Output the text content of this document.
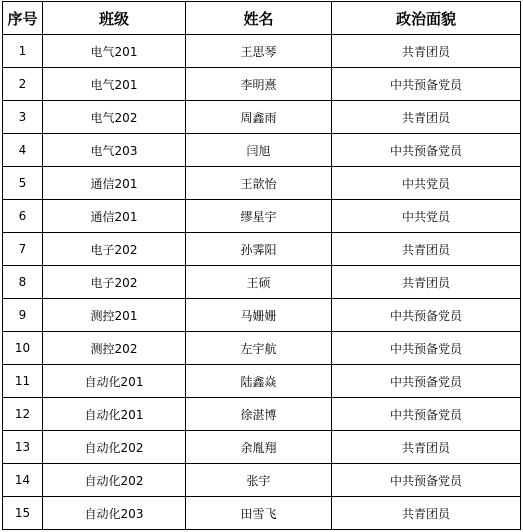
序号	班级	姓名	政治面貌
1	电气201	王思琴	共青团员
2	电气201	李明熹	中共预备党员
3	电气202	周鑫雨	共青团员
4	电气203	闫旭	中共预备党员
5	通信201	王歆怡	中共党员
6	通信201	缪星宇	中共党员
7	电子202	孙霁阳	共青团员
8	电子202	王硕	共青团员
9	测控201	马姗姗	中共预备党员
10	测控202	左宇航	中共预备党员
11	自动化201	陆鑫焱	中共预备党员
12	自动化201	徐湛博	中共预备党员
13	自动化202	余胤翔	共青团员
14	自动化202	张宇	中共预备党员
15	自动化203	田雪飞	共青团员
